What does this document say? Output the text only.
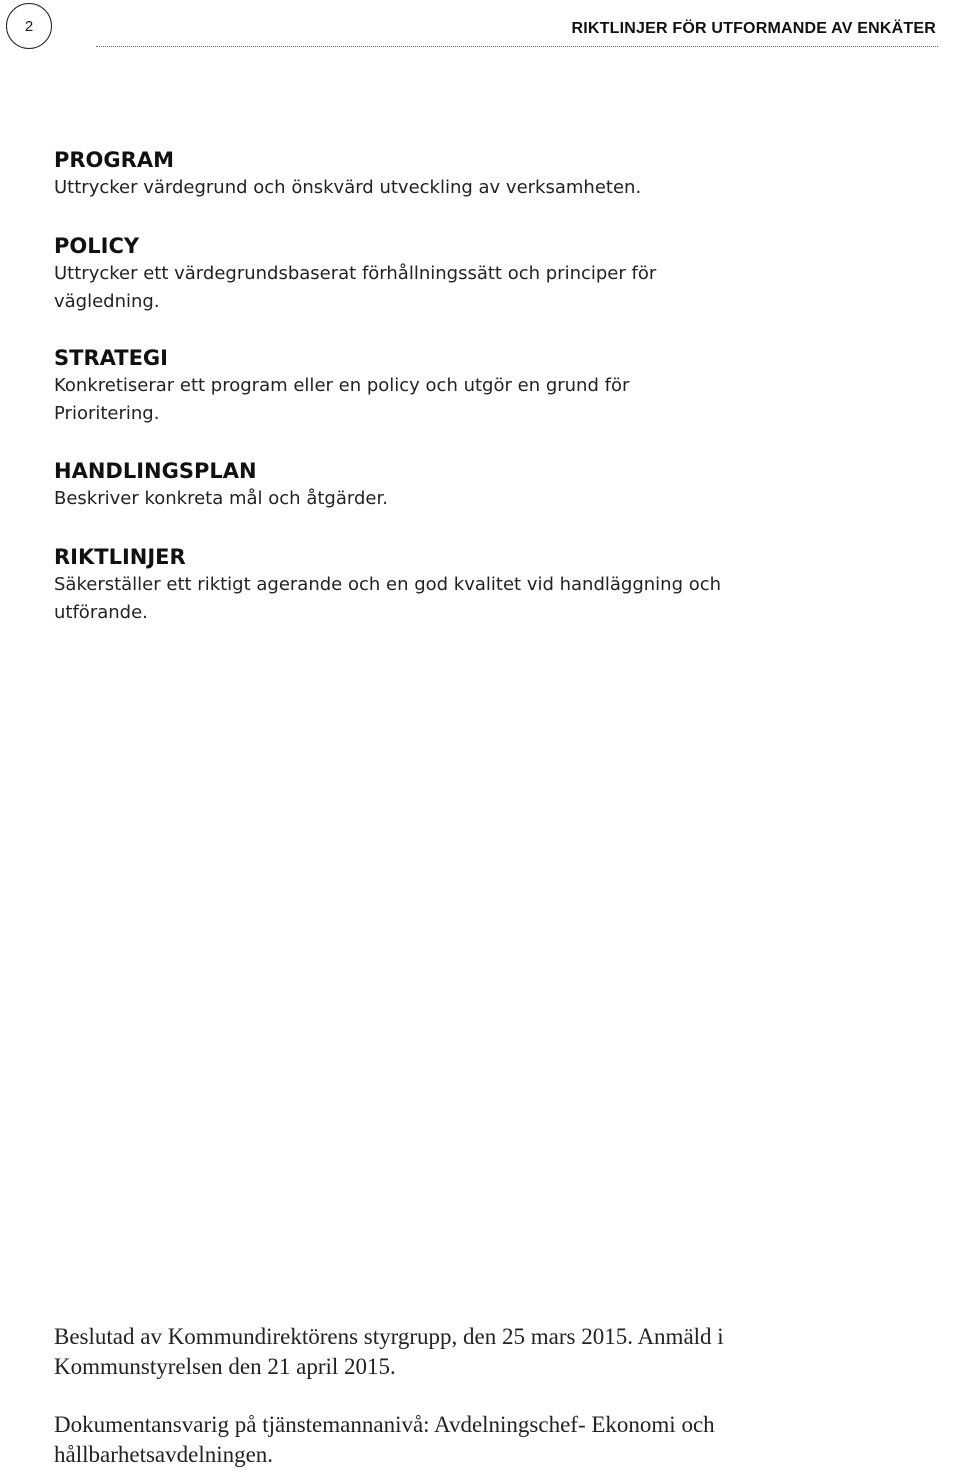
2	RIKTLINJER FÖR UTFORMANDE AV ENKÄTER
PROGRAM

Uttrycker värdegrund och önskvärd utveckling av verksamheten.

POLICY

Uttrycker ett värdegrundsbaserat förhållningssätt och principer för vägledning.

STRATEGI

Konkretiserar ett program eller en policy och utgör en grund för Prioritering.

HANDLINGSPLAN

Beskriver konkreta mål och åtgärder.

RIKTLINJER

Säkerställer ett riktigt agerande och en god kvalitet vid handläggning och utförande.

Beslutad av Kommundirektörens styrgrupp, den 25 mars 2015. Anmäld i Kommunstyrelsen den 21 april 2015.

Dokumentansvarig på tjänstemannanivå: Avdelningschef- Ekonomi och hållbarhetsavdelningen.
